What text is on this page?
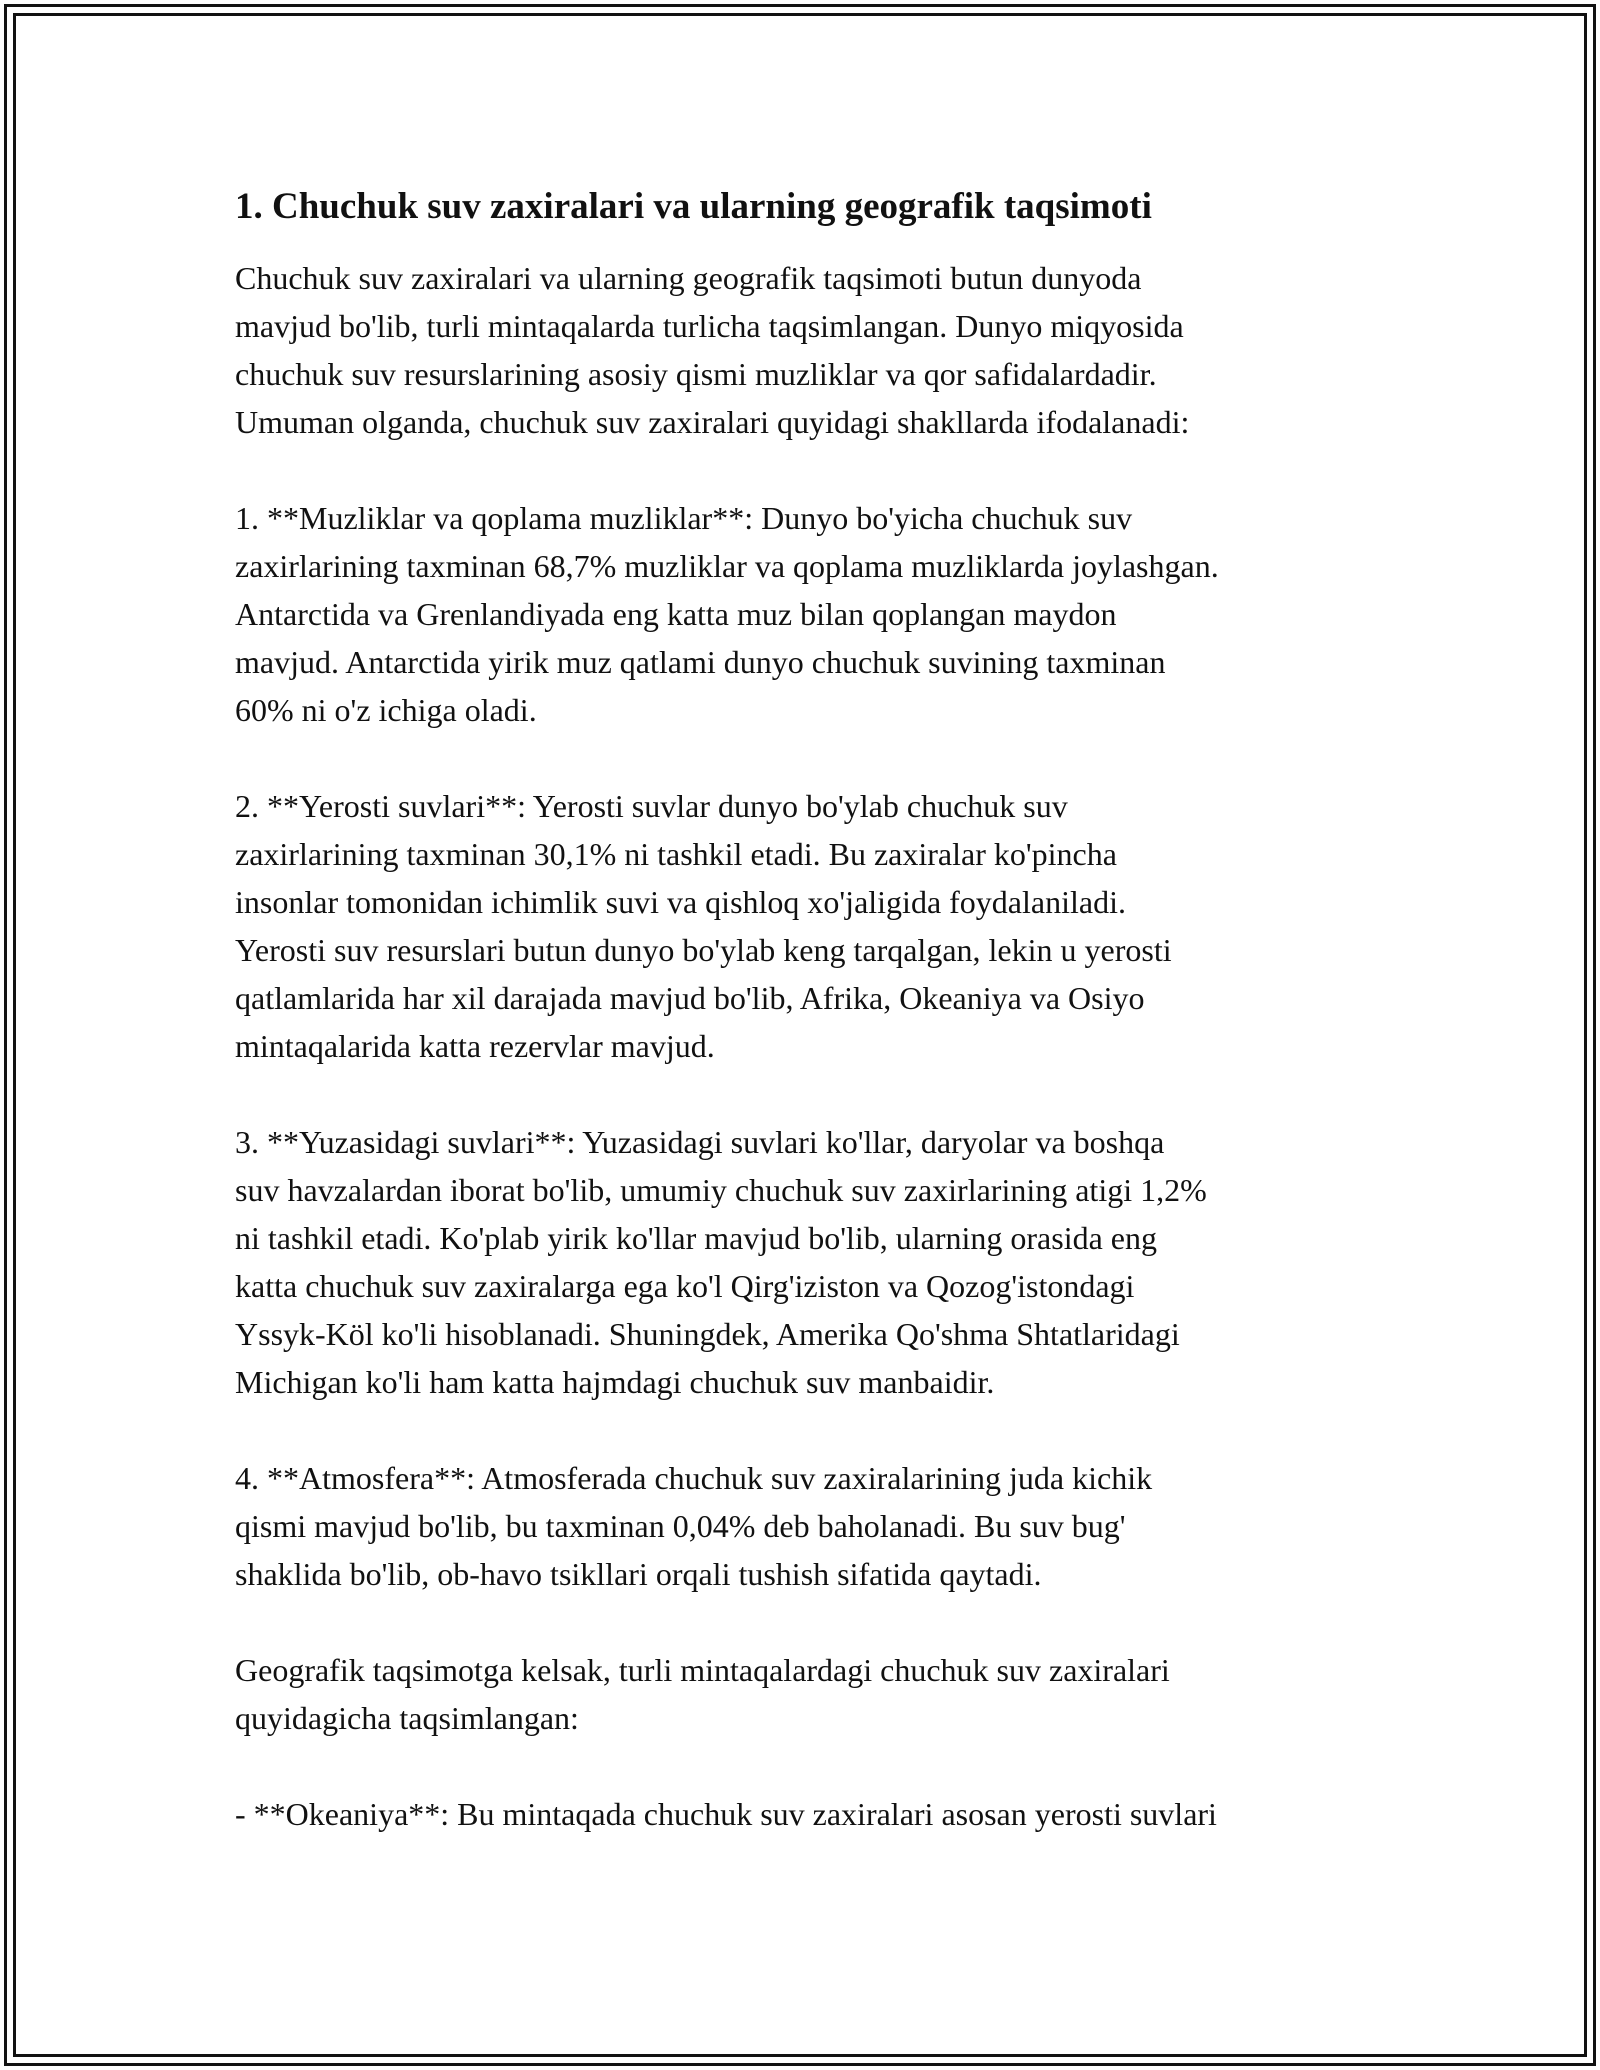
1. Chuchuk suv zaxiralari va ularning geografik taqsimoti

Chuchuk suv zaxiralari va ularning geografik taqsimoti butun dunyoda
mavjud bo'lib, turli mintaqalarda turlicha taqsimlangan. Dunyo miqyosida
chuchuk suv resurslarining asosiy qismi muzliklar va qor safidalardadir.
Umuman olganda, chuchuk suv zaxiralari quyidagi shakllarda ifodalanadi:

1. **Muzliklar va qoplama muzliklar**: Dunyo bo'yicha chuchuk suv
zaxirlarining taxminan 68,7% muzliklar va qoplama muzliklarda joylashgan.
Antarctida va Grenlandiyada eng katta muz bilan qoplangan maydon
mavjud. Antarctida yirik muz qatlami dunyo chuchuk suvining taxminan
60% ni o'z ichiga oladi.

2. **Yerosti suvlari**: Yerosti suvlar dunyo bo'ylab chuchuk suv
zaxirlarining taxminan 30,1% ni tashkil etadi. Bu zaxiralar ko'pincha
insonlar tomonidan ichimlik suvi va qishloq xo'jaligida foydalaniladi.
Yerosti suv resurslari butun dunyo bo'ylab keng tarqalgan, lekin u yerosti
qatlamlarida har xil darajada mavjud bo'lib, Afrika, Okeaniya va Osiyo
mintaqalarida katta rezervlar mavjud.

3. **Yuzasidagi suvlari**: Yuzasidagi suvlari ko'llar, daryolar va boshqa
suv havzalardan iborat bo'lib, umumiy chuchuk suv zaxirlarining atigi 1,2%
ni tashkil etadi. Ko'plab yirik ko'llar mavjud bo'lib, ularning orasida eng
katta chuchuk suv zaxiralarga ega ko'l Qirg'iziston va Qozog'istondagi
Yssyk-Köl ko'li hisoblanadi. Shuningdek, Amerika Qo'shma Shtatlaridagi
Michigan ko'li ham katta hajmdagi chuchuk suv manbaidir.

4. **Atmosfera**: Atmosferada chuchuk suv zaxiralarining juda kichik
qismi mavjud bo'lib, bu taxminan 0,04% deb baholanadi. Bu suv bug'
shaklida bo'lib, ob-havo tsikllari orqali tushish sifatida qaytadi.

Geografik taqsimotga kelsak, turli mintaqalardagi chuchuk suv zaxiralari
quyidagicha taqsimlangan:

- **Okeaniya**: Bu mintaqada chuchuk suv zaxiralari asosan yerosti suvlari
